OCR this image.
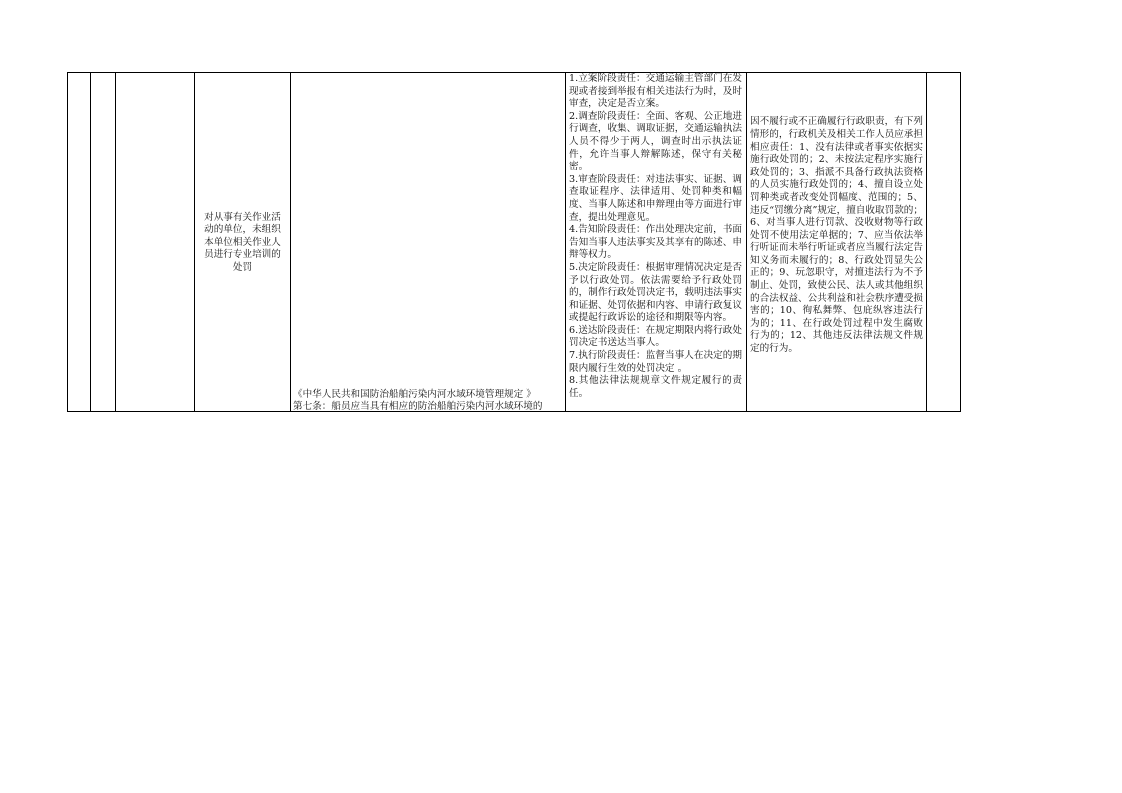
对从事有关作业活动的单位，未组织本单位相关作业人员进行专业培训的处罚
《中华人民共和国防治船舶污染内河水域环境管理规定 》
第七条：船员应当具有相应的防治船舶污染内河水域环境的
1.立案阶段责任：交通运输主管部门在发现或者接到举报有相关违法行为时，及时审查，决定是否立案。
2.调查阶段责任：全面、客观、公正地进行调查，收集、调取证据，交通运输执法人员不得少于两人，调查时出示执法证件，允许当事人辩解陈述，保守有关秘密。
3.审查阶段责任：对违法事实、证据、调查取证程序、法律适用、处罚种类和幅度、当事人陈述和申辩理由等方面进行审查，提出处理意见。
4.告知阶段责任：作出处理决定前，书面告知当事人违法事实及其享有的陈述、申辩等权力。
5.决定阶段责任：根据审理情况决定是否予以行政处罚。依法需要给予行政处罚的，制作行政处罚决定书，载明违法事实和证据、处罚依据和内容、申请行政复议或提起行政诉讼的途径和期限等内容。
6.送达阶段责任：在规定期限内将行政处罚决定书送达当事人。
7.执行阶段责任：监督当事人在决定的期限内履行生效的处罚决定 。
8.其他法律法规规章文件规定履行的责任。
因不履行或不正确履行行政职责，有下列情形的，行政机关及相关工作人员应承担相应责任：1、没有法律或者事实依据实施行政处罚的；2、未按法定程序实施行政处罚的；3、指派不具备行政执法资格的人员实施行政处罚的；4、擅自设立处罚种类或者改变处罚幅度、范围的；5、违反“罚缴分离”规定，擅自收取罚款的；6、对当事人进行罚款、没收财物等行政处罚不使用法定单据的；7、应当依法举行听证而未举行听证或者应当履行法定告知义务而未履行的；8、行政处罚显失公正的；9、玩忽职守，对擅违法行为不予制止、处罚，致使公民、法人或其他组织的合法权益、公共利益和社会秩序遭受损害的；10、徇私舞弊、包庇纵容违法行为的；11、在行政处罚过程中发生腐败行为的；12、其他违反法律法规文件规定的行为。
